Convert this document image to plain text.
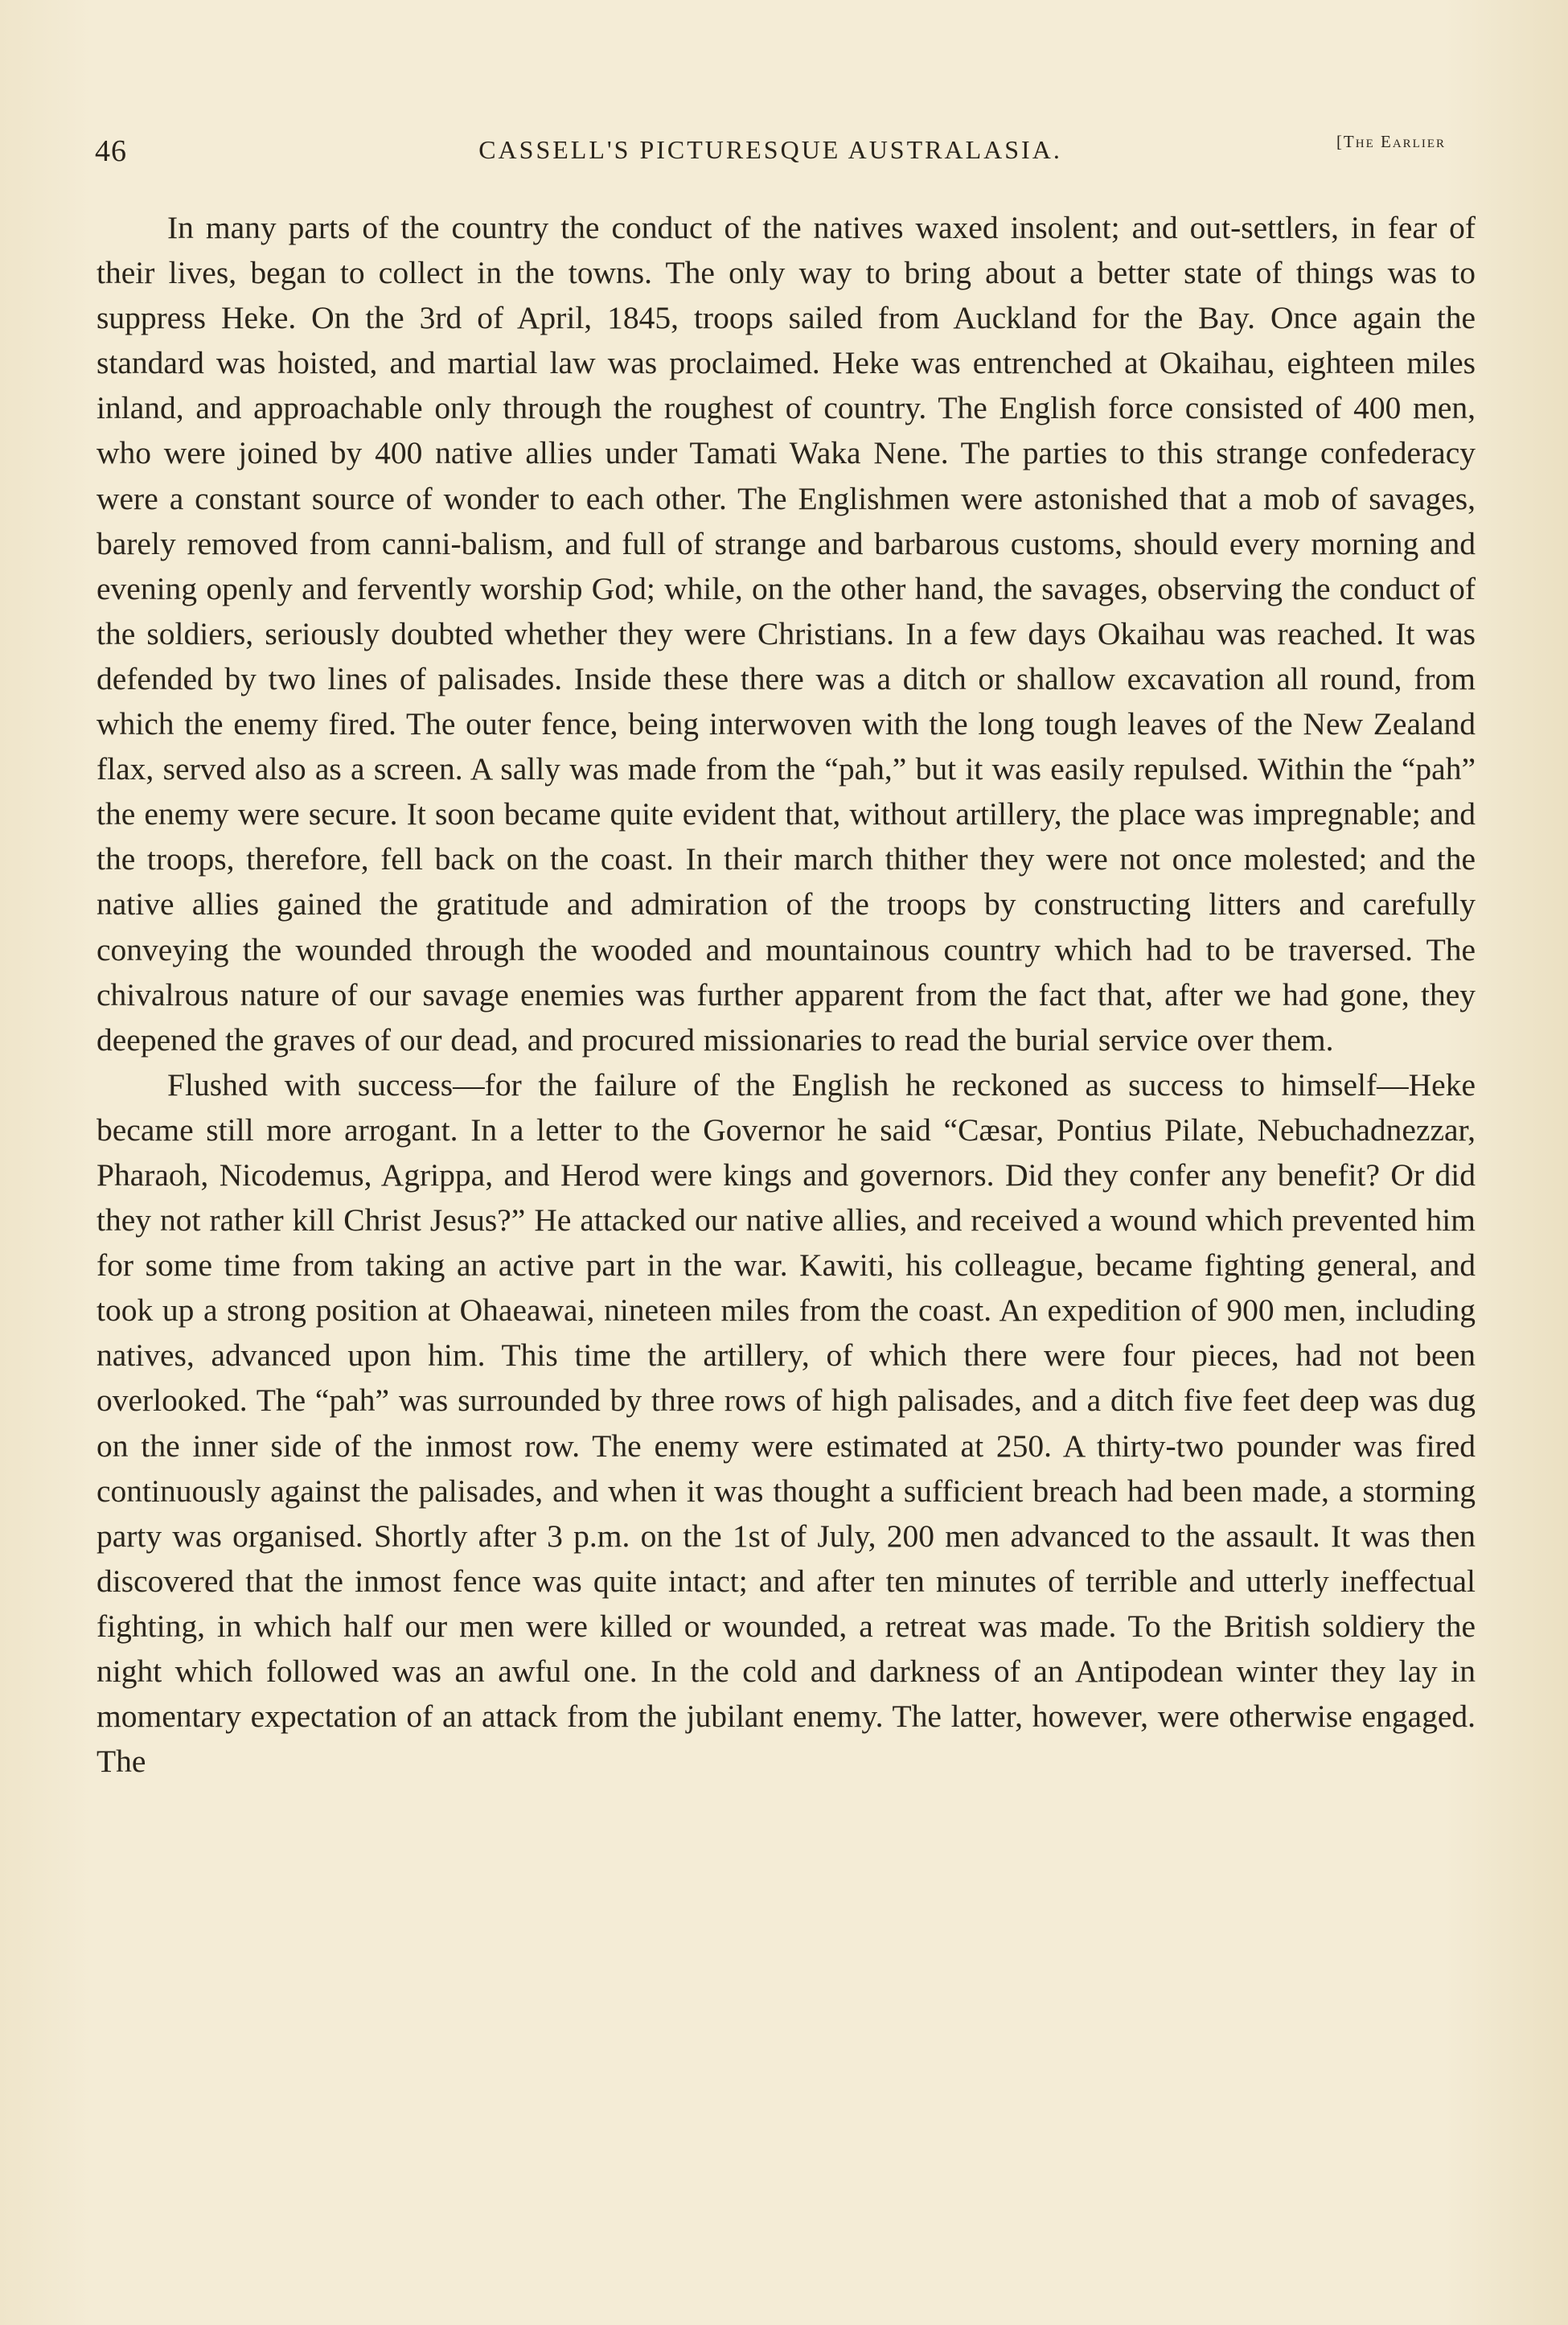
46	CASSELL'S PICTURESQUE AUSTRALASIA.	[The Earlier

In many parts of the country the conduct of the natives waxed insolent; and out-settlers, in fear of their lives, began to collect in the towns. The only way to bring about a better state of things was to suppress Heke. On the 3rd of April, 1845, troops sailed from Auckland for the Bay. Once again the standard was hoisted, and martial law was proclaimed. Heke was entrenched at Okaihau, eighteen miles inland, and approachable only through the roughest of country. The English force consisted of 400 men, who were joined by 400 native allies under Tamati Waka Nene. The parties to this strange confederacy were a constant source of wonder to each other. The Englishmen were astonished that a mob of savages, barely removed from canni-balism, and full of strange and barbarous customs, should every morning and evening openly and fervently worship God; while, on the other hand, the savages, observing the conduct of the soldiers, seriously doubted whether they were Christians. In a few days Okaihau was reached. It was defended by two lines of palisades. Inside these there was a ditch or shallow excavation all round, from which the enemy fired. The outer fence, being interwoven with the long tough leaves of the New Zealand flax, served also as a screen. A sally was made from the “pah,” but it was easily repulsed. Within the “pah” the enemy were secure. It soon became quite evident that, without artillery, the place was impregnable; and the troops, therefore, fell back on the coast. In their march thither they were not once molested; and the native allies gained the gratitude and admiration of the troops by constructing litters and carefully conveying the wounded through the wooded and mountainous country which had to be traversed. The chivalrous nature of our savage enemies was further apparent from the fact that, after we had gone, they deepened the graves of our dead, and procured missionaries to read the burial service over them.

Flushed with success—for the failure of the English he reckoned as success to himself—Heke became still more arrogant. In a letter to the Governor he said “Cæsar, Pontius Pilate, Nebuchadnezzar, Pharaoh, Nicodemus, Agrippa, and Herod were kings and governors. Did they confer any benefit? Or did they not rather kill Christ Jesus?” He attacked our native allies, and received a wound which prevented him for some time from taking an active part in the war. Kawiti, his colleague, became fighting general, and took up a strong position at Ohaeawai, nineteen miles from the coast. An expedition of 900 men, including natives, advanced upon him. This time the artillery, of which there were four pieces, had not been overlooked. The “pah” was surrounded by three rows of high palisades, and a ditch five feet deep was dug on the inner side of the inmost row. The enemy were estimated at 250. A thirty-two pounder was fired continuously against the palisades, and when it was thought a sufficient breach had been made, a storming party was organised. Shortly after 3 p.m. on the 1st of July, 200 men advanced to the assault. It was then discovered that the inmost fence was quite intact; and after ten minutes of terrible and utterly ineffectual fighting, in which half our men were killed or wounded, a retreat was made. To the British soldiery the night which followed was an awful one. In the cold and darkness of an Antipodean winter they lay in momentary expectation of an attack from the jubilant enemy. The latter, however, were otherwise engaged. The
